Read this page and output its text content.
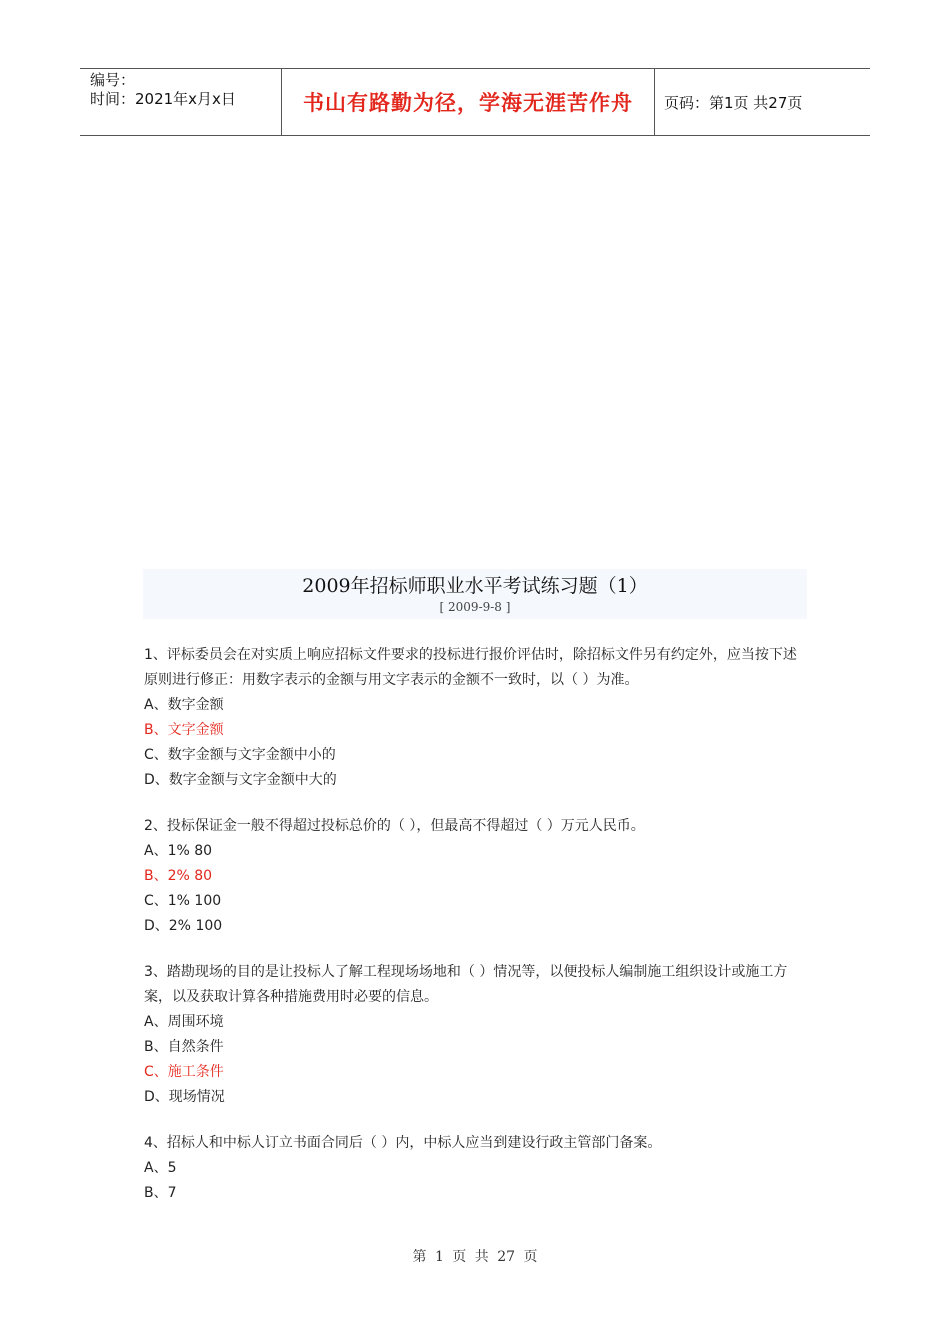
编号：
时间：2021年x月x日	书山有路勤为径，学海无涯苦作舟	页码：第1页 共27页
2009年招标师职业水平考试练习题（1）
[ 2009-9-8 ]
1、评标委员会在对实质上响应招标文件要求的投标进行报价评估时，除招标文件另有约定外，应当按下述原则进行修正：用数字表示的金额与用文字表示的金额不一致时，以（ ）为准。
A、数字金额
B、文字金额
C、数字金额与文字金额中小的
D、数字金额与文字金额中大的
2、投标保证金一般不得超过投标总价的（ ），但最高不得超过（ ）万元人民币。
A、1% 80
B、2% 80
C、1% 100
D、2% 100
3、踏勘现场的目的是让投标人了解工程现场场地和（ ）情况等，以便投标人编制施工组织设计或施工方案，以及获取计算各种措施费用时必要的信息。
A、周围环境
B、自然条件
C、施工条件
D、现场情况
4、招标人和中标人订立书面合同后（ ）内，中标人应当到建设行政主管部门备案。
A、5
B、7
第 1 页 共 27 页
